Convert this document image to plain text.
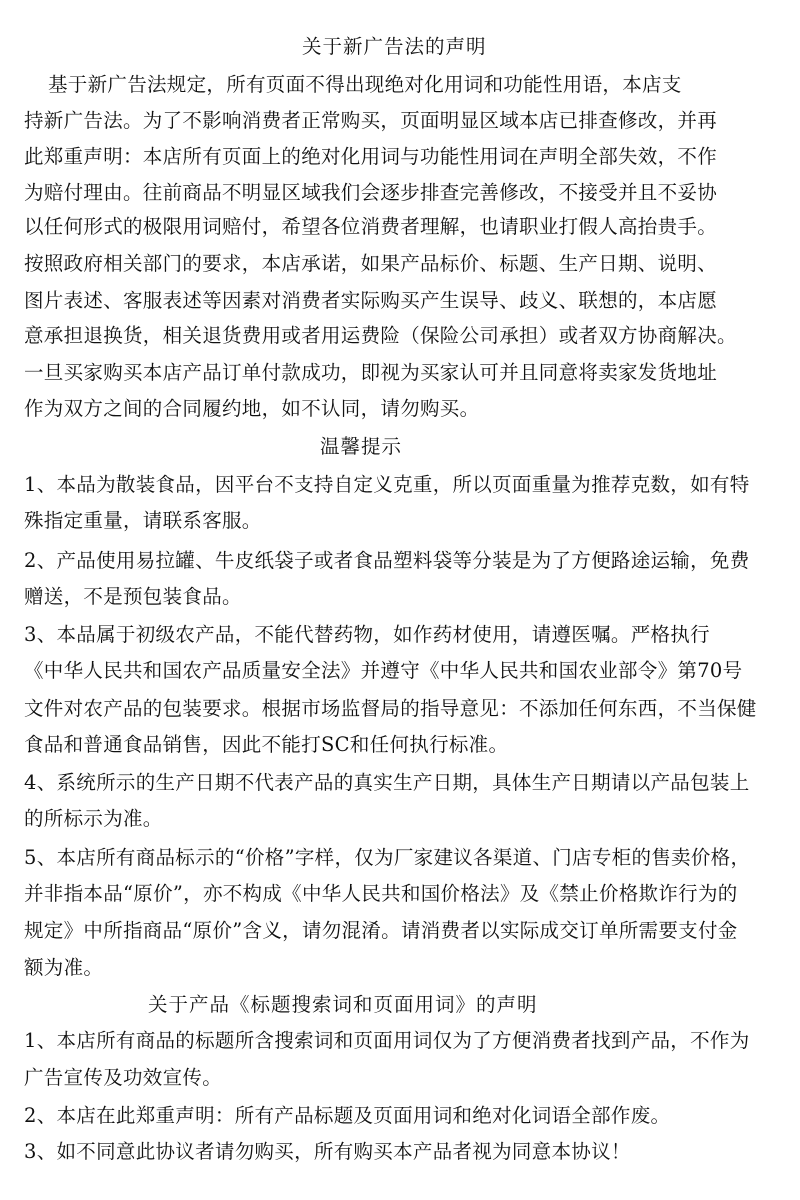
关于新广告法的声明
基于新广告法规定，所有页面不得出现绝对化用词和功能性用语，本店支
持新广告法。为了不影响消费者正常购买，页面明显区域本店已排查修改，并再
此郑重声明：本店所有页面上的绝对化用词与功能性用词在声明全部失效，不作
为赔付理由。往前商品不明显区域我们会逐步排查完善修改，不接受并且不妥协
以任何形式的极限用词赔付，希望各位消费者理解，也请职业打假人高抬贵手。
按照政府相关部门的要求，本店承诺，如果产品标价、标题、生产日期、说明、
图片表述、客服表述等因素对消费者实际购买产生误导、歧义、联想的，本店愿
意承担退换货，相关退货费用或者用运费险（保险公司承担）或者双方协商解决。
一旦买家购买本店产品订单付款成功，即视为买家认可并且同意将卖家发货地址
作为双方之间的合同履约地，如不认同，请勿购买。
温馨提示
1、本品为散装食品，因平台不支持自定义克重，所以页面重量为推荐克数，如有特
殊指定重量，请联系客服。
2、产品使用易拉罐、牛皮纸袋子或者食品塑料袋等分装是为了方便路途运输，免费
赠送，不是预包装食品。
3、本品属于初级农产品，不能代替药物，如作药材使用，请遵医嘱。严格执行
《中华人民共和国农产品质量安全法》并遵守《中华人民共和国农业部令》第70号
文件对农产品的包装要求。根据市场监督局的指导意见：不添加任何东西，不当保健
食品和普通食品销售，因此不能打SC和任何执行标准。
4、系统所示的生产日期不代表产品的真实生产日期，具体生产日期请以产品包装上
的所标示为准。
5、本店所有商品标示的“价格”字样，仅为厂家建议各渠道、门店专柜的售卖价格，
并非指本品“原价”，亦不构成《中华人民共和国价格法》及《禁止价格欺诈行为的
规定》中所指商品“原价”含义，请勿混淆。请消费者以实际成交订单所需要支付金
额为准。
关于产品《标题搜索词和页面用词》的声明
1、本店所有商品的标题所含搜索词和页面用词仅为了方便消费者找到产品，不作为
广告宣传及功效宣传。
2、本店在此郑重声明：所有产品标题及页面用词和绝对化词语全部作废。
3、如不同意此协议者请勿购买，所有购买本产品者视为同意本协议！
